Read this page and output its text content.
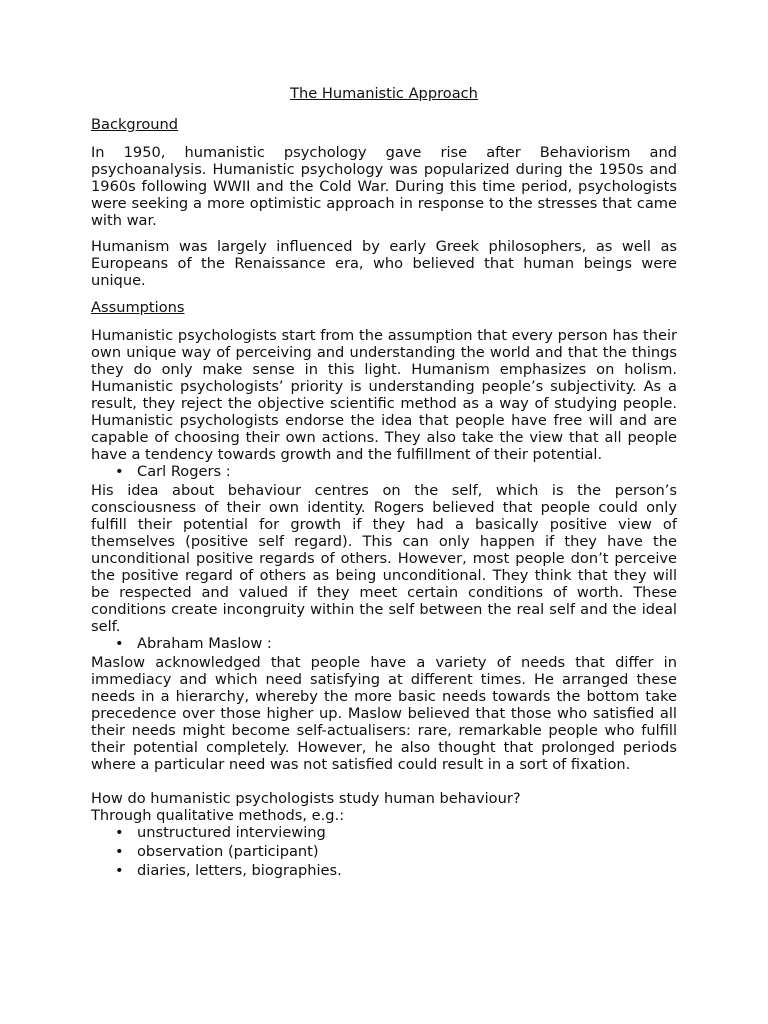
The Humanistic Approach
Background

In 1950, humanistic psychology gave rise after Behaviorism and psychoanalysis. Humanistic psychology was popularized during the 1950s and 1960s following WWII and the Cold War. During this time period, psychologists were seeking a more optimistic approach in response to the stresses that came with war.

Humanism was largely influenced by early Greek philosophers, as well as Europeans of the Renaissance era, who believed that human beings were unique.

Assumptions

Humanistic psychologists start from the assumption that every person has their own unique way of perceiving and understanding the world and that the things they do only make sense in this light. Humanism emphasizes on holism. Humanistic psychologists’ priority is understanding people’s subjectivity. As a result, they reject the objective scientific method as a way of studying people. Humanistic psychologists endorse the idea that people have free will and are capable of choosing their own actions. They also take the view that all people have a tendency towards growth and the fulfillment of their potential.

•
Carl Rogers :

His idea about behaviour centres on the self, which is the person’s consciousness of their own identity. Rogers believed that people could only fulfill their potential for growth if they had a basically positive view of themselves (positive self regard). This can only happen if they have the unconditional positive regards of others. However, most people don’t perceive the positive regard of others as being unconditional. They think that they will be respected and valued if they meet certain conditions of worth. These conditions create incongruity within the self between the real self and the ideal self.

•
Abraham Maslow :

Maslow acknowledged that people have a variety of needs that differ in immediacy and which need satisfying at different times. He arranged these needs in a hierarchy, whereby the more basic needs towards the bottom take precedence over those higher up. Maslow believed that those who satisfied all their needs might become self-actualisers: rare, remarkable people who fulfill their potential completely. However, he also thought that prolonged periods where a particular need was not satisfied could result in a sort of fixation.

How do humanistic psychologists study human behaviour?

Through qualitative methods, e.g.:

•
unstructured interviewing
•
observation (participant)
•
diaries, letters, biographies.
